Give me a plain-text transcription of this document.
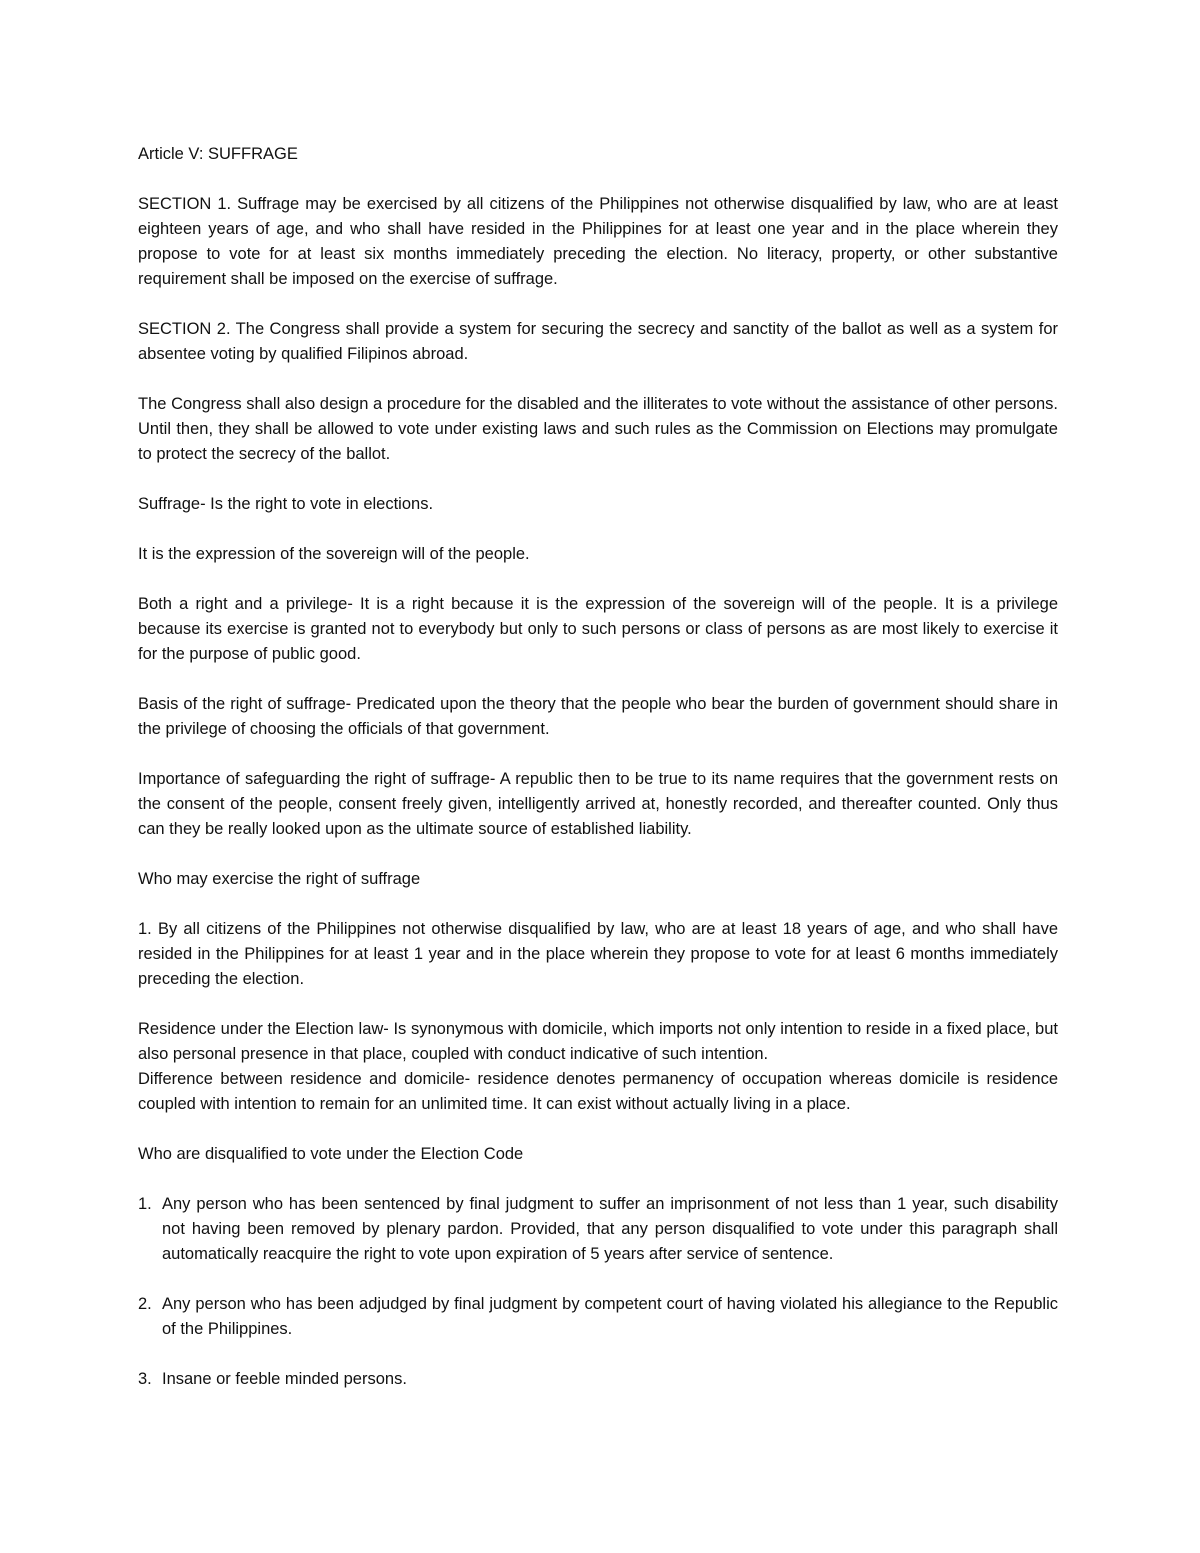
Article V: SUFFRAGE

SECTION 1. Suffrage may be exercised by all citizens of the Philippines not otherwise disqualified by law, who are at least eighteen years of age, and who shall have resided in the Philippines for at least one year and in the place wherein they propose to vote for at least six months immediately preceding the election. No literacy, property, or other substantive requirement shall be imposed on the exercise of suffrage.

SECTION 2. The Congress shall provide a system for securing the secrecy and sanctity of the ballot as well as a system for absentee voting by qualified Filipinos abroad.

The Congress shall also design a procedure for the disabled and the illiterates to vote without the assistance of other persons. Until then, they shall be allowed to vote under existing laws and such rules as the Commission on Elections may promulgate to protect the secrecy of the ballot.

Suffrage- Is the right to vote in elections.

It is the expression of the sovereign will of the people.

Both a right and a privilege- It is a right because it is the expression of the sovereign will of the people. It is a privilege because its exercise is granted not to everybody but only to such persons or class of persons as are most likely to exercise it for the purpose of public good.

Basis of the right of suffrage- Predicated upon the theory that the people who bear the burden of government should share in the privilege of choosing the officials of that government.

Importance of safeguarding the right of suffrage- A republic then to be true to its name requires that the government rests on the consent of the people, consent freely given, intelligently arrived at, honestly recorded, and thereafter counted. Only thus can they be really looked upon as the ultimate source of established liability.

Who may exercise the right of suffrage

1. By all citizens of the Philippines not otherwise disqualified by law, who are at least 18 years of age, and who shall have resided in the Philippines for at least 1 year and in the place wherein they propose to vote for at least 6 months immediately preceding the election.

Residence under the Election law- Is synonymous with domicile, which imports not only intention to reside in a fixed place, but also personal presence in that place, coupled with conduct indicative of such intention.

Difference between residence and domicile- residence denotes permanency of occupation whereas domicile is residence coupled with intention to remain for an unlimited time. It can exist without actually living in a place.

Who are disqualified to vote under the Election Code

1. Any person who has been sentenced by final judgment to suffer an imprisonment of not less than 1 year, such disability not having been removed by plenary pardon. Provided, that any person disqualified to vote under this paragraph shall automatically reacquire the right to vote upon expiration of 5 years after service of sentence.
2. Any person who has been adjudged by final judgment by competent court of having violated his allegiance to the Republic of the Philippines.
3. Insane or feeble minded persons.
